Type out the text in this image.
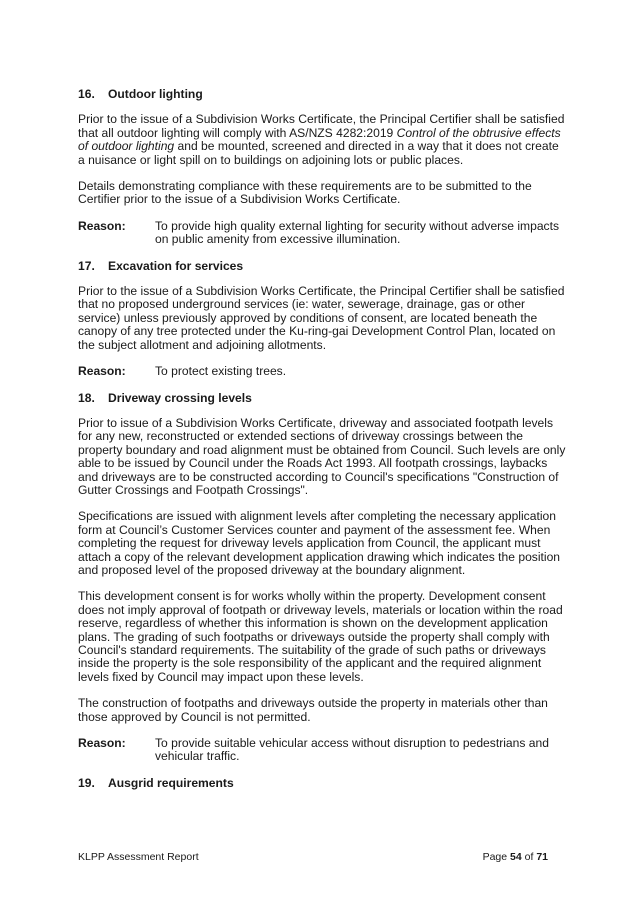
16. Outdoor lighting

Prior to the issue of a Subdivision Works Certificate, the Principal Certifier shall be satisfied that all outdoor lighting will comply with AS/NZS 4282:2019 Control of the obtrusive effects of outdoor lighting and be mounted, screened and directed in a way that it does not create a nuisance or light spill on to buildings on adjoining lots or public places.

Details demonstrating compliance with these requirements are to be submitted to the Certifier prior to the issue of a Subdivision Works Certificate.

Reason:	To provide high quality external lighting for security without adverse impacts on public amenity from excessive illumination.
17. Excavation for services

Prior to the issue of a Subdivision Works Certificate, the Principal Certifier shall be satisfied that no proposed underground services (ie: water, sewerage, drainage, gas or other service) unless previously approved by conditions of consent, are located beneath the canopy of any tree protected under the Ku-ring-gai Development Control Plan, located on the subject allotment and adjoining allotments.

Reason:	To protect existing trees.
18. Driveway crossing levels

Prior to issue of a Subdivision Works Certificate, driveway and associated footpath levels for any new, reconstructed or extended sections of driveway crossings between the property boundary and road alignment must be obtained from Council. Such levels are only able to be issued by Council under the Roads Act 1993. All footpath crossings, laybacks and driveways are to be constructed according to Council's specifications "Construction of Gutter Crossings and Footpath Crossings".

Specifications are issued with alignment levels after completing the necessary application form at Council’s Customer Services counter and payment of the assessment fee. When completing the request for driveway levels application from Council, the applicant must attach a copy of the relevant development application drawing which indicates the position and proposed level of the proposed driveway at the boundary alignment.

This development consent is for works wholly within the property. Development consent does not imply approval of footpath or driveway levels, materials or location within the road reserve, regardless of whether this information is shown on the development application plans. The grading of such footpaths or driveways outside the property shall comply with Council's standard requirements. The suitability of the grade of such paths or driveways inside the property is the sole responsibility of the applicant and the required alignment levels fixed by Council may impact upon these levels.

The construction of footpaths and driveways outside the property in materials other than those approved by Council is not permitted.

Reason:	To provide suitable vehicular access without disruption to pedestrians and vehicular traffic.
19. Ausgrid requirements
KLPP Assessment Report	Page 54 of 71
